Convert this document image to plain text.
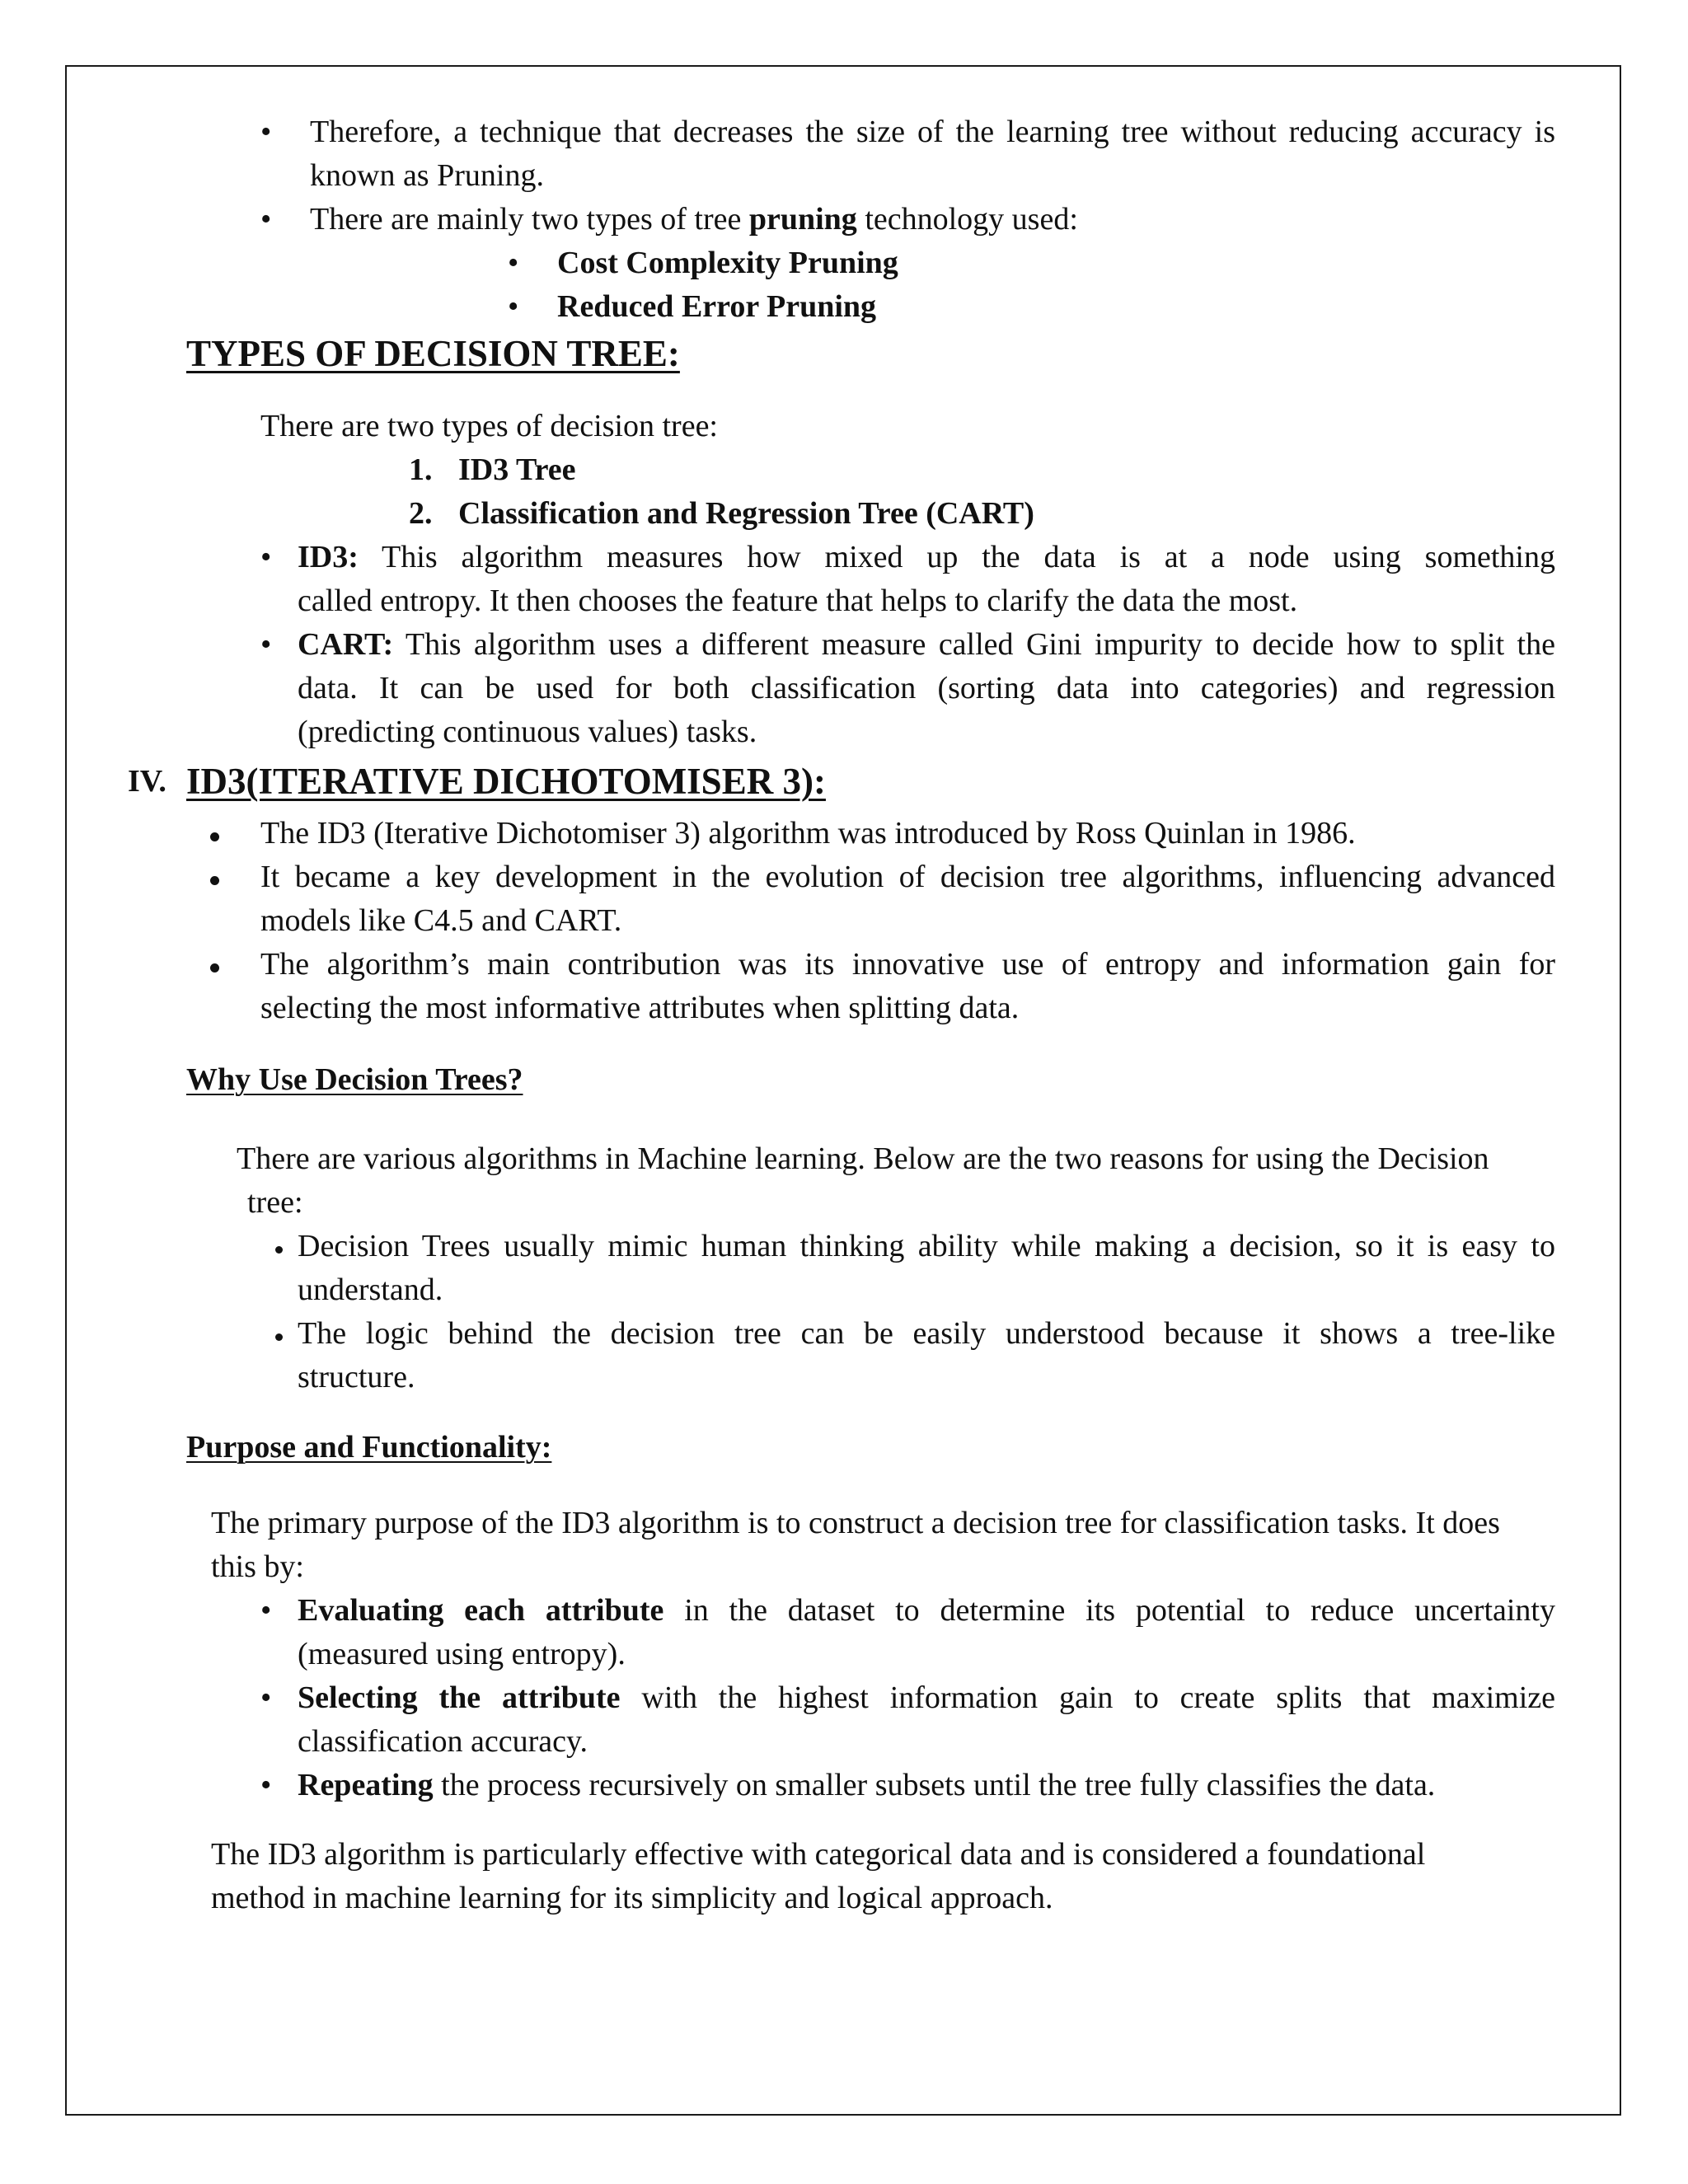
• Therefore, a technique that decreases the size of the learning tree without reducing accuracy is
known as Pruning.
• There are mainly two types of tree pruning technology used:
• Cost Complexity Pruning
• Reduced Error Pruning
TYPES OF DECISION TREE:
There are two types of decision tree:
1. ID3 Tree
2. Classification and Regression Tree (CART)
• ID3: This algorithm measures how mixed up the data is at a node using something
called entropy. It then chooses the feature that helps to clarify the data the most.
• CART: This algorithm uses a different measure called Gini impurity to decide how to split the
data. It can be used for both classification (sorting data into categories) and regression
(predicting continuous values) tasks.
IV. ID3(ITERATIVE DICHOTOMISER 3):
The ID3 (Iterative Dichotomiser 3) algorithm was introduced by Ross Quinlan in 1986.
It became a key development in the evolution of decision tree algorithms, influencing advanced
models like C4.5 and CART.
The algorithm’s main contribution was its innovative use of entropy and information gain for
selecting the most informative attributes when splitting data.
Why Use Decision Trees?
There are various algorithms in Machine learning. Below are the two reasons for using the Decision
tree:
Decision Trees usually mimic human thinking ability while making a decision, so it is easy to
understand.
The logic behind the decision tree can be easily understood because it shows a tree-like
structure.
Purpose and Functionality:
The primary purpose of the ID3 algorithm is to construct a decision tree for classification tasks. It does
this by:
• Evaluating each attribute in the dataset to determine its potential to reduce uncertainty
(measured using entropy).
• Selecting the attribute with the highest information gain to create splits that maximize
classification accuracy.
• Repeating the process recursively on smaller subsets until the tree fully classifies the data.
The ID3 algorithm is particularly effective with categorical data and is considered a foundational
method in machine learning for its simplicity and logical approach.
